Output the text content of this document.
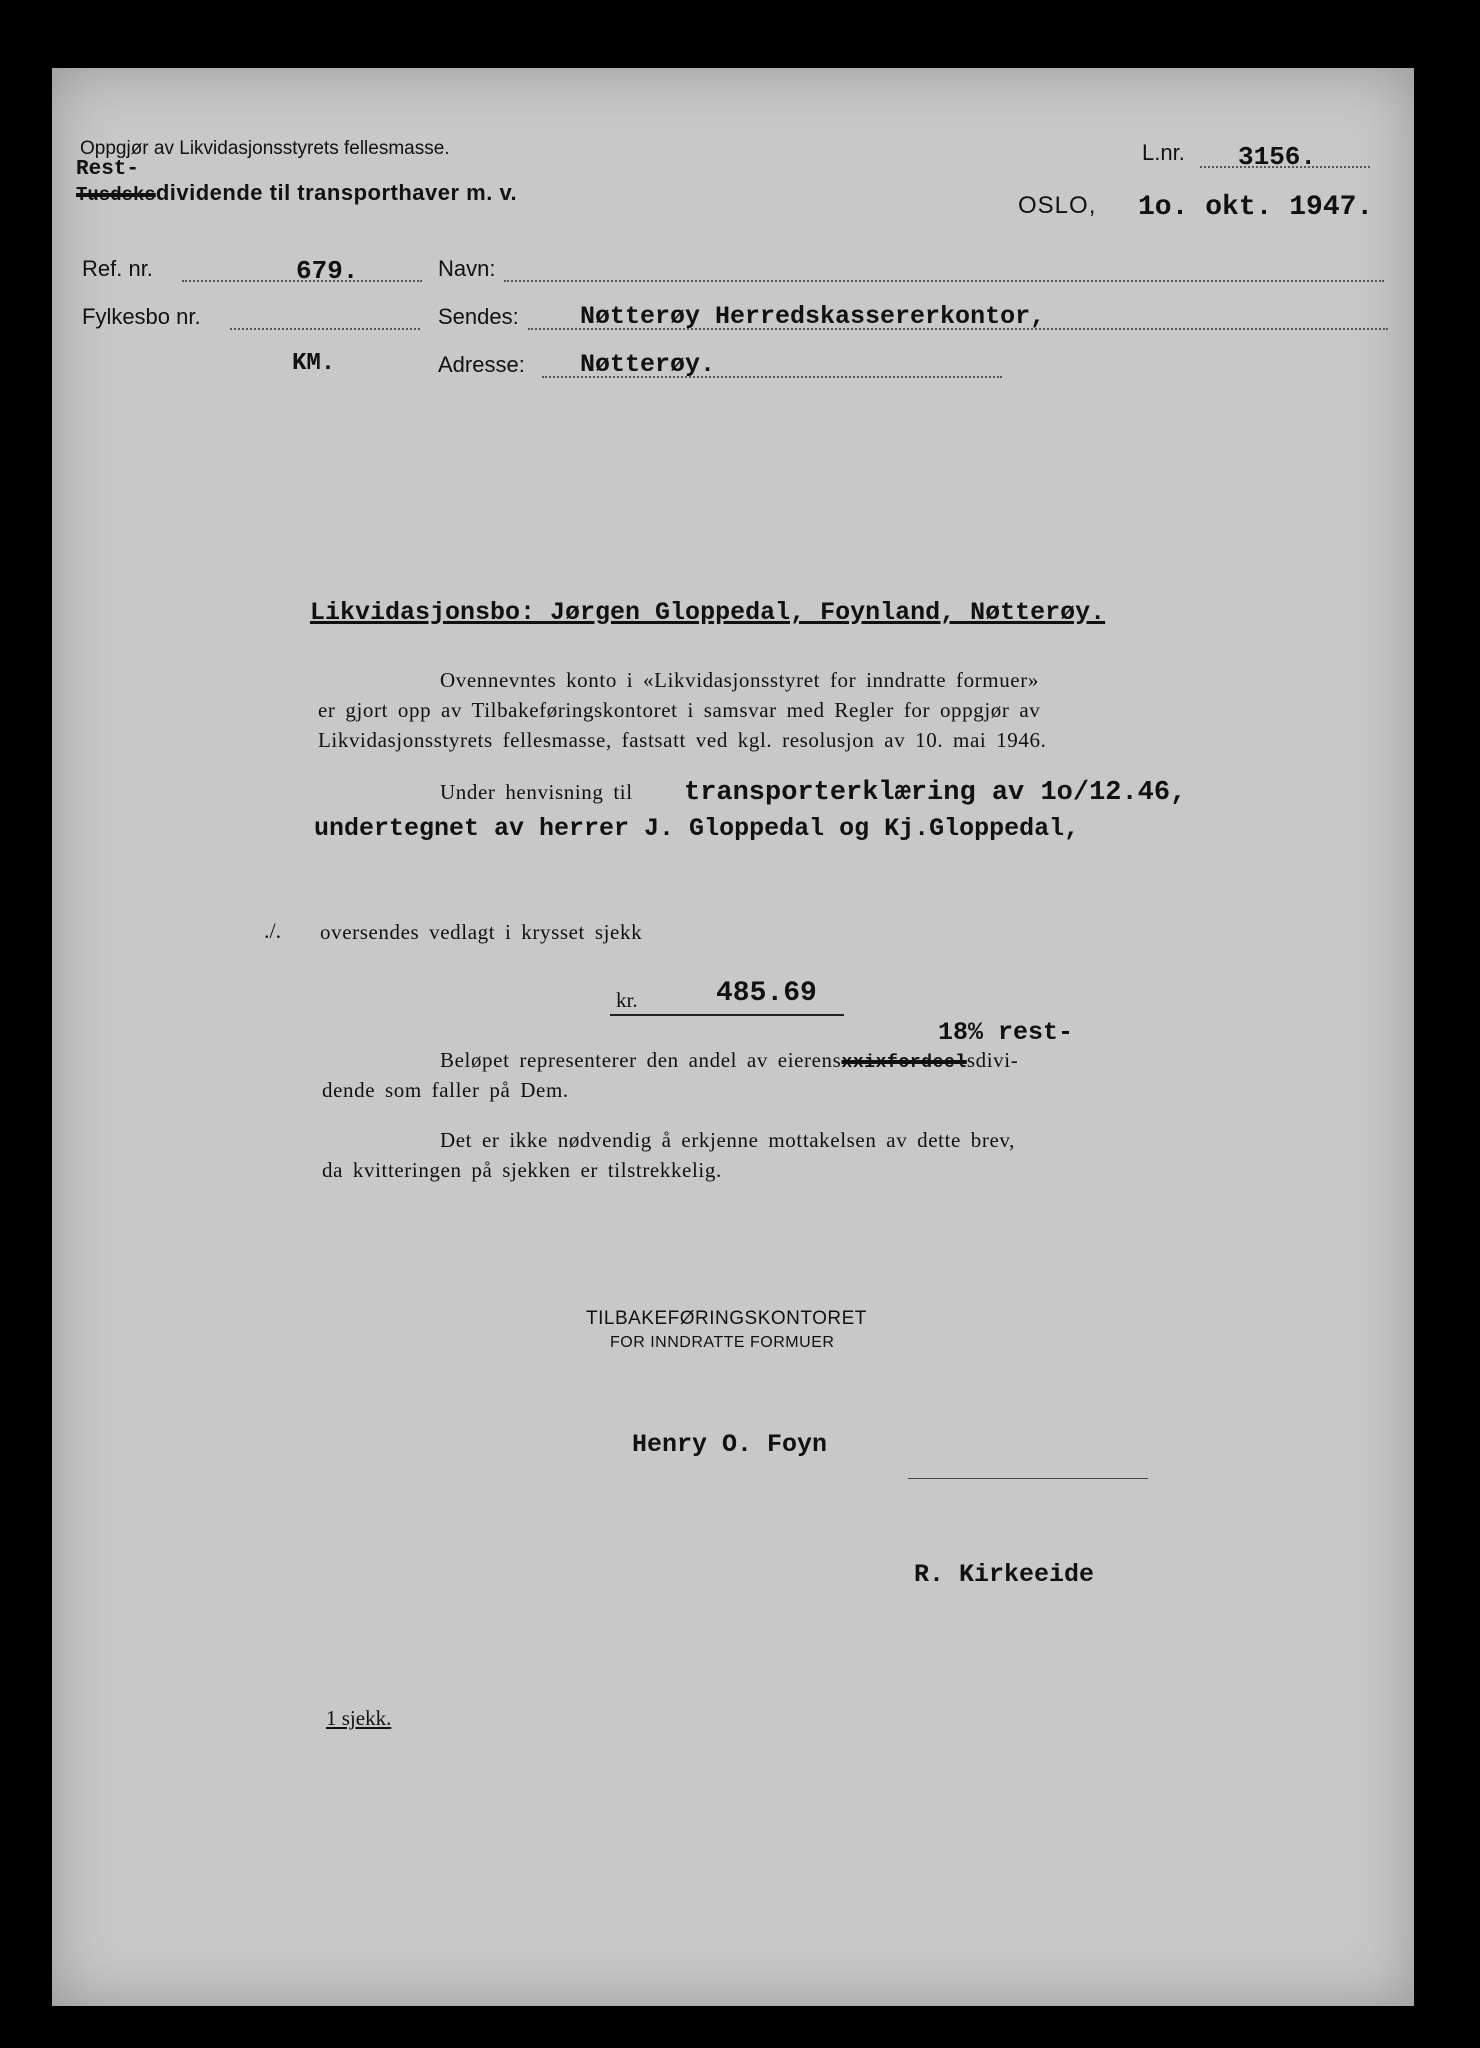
Oppgjør av Likvidasjonsstyrets fellesmasse.
Rest-
Tusdsksdividende til transporthaver m. v.
L.nr. 3156.
OSLO, 1o. okt. 1947.
Ref. nr.	679.
Fylkesbo nr.
KM.
Navn:
Sendes: Nøtterøy Herredskassererkontor,
Adresse: Nøtterøy.
Likvidasjonsbo: Jørgen Gloppedal, Foynland, Nøtterøy.
Ovennevntes konto i «Likvidasjonsstyret for inndratte formuer»
er gjort opp av Tilbakeføringskontoret i samsvar med Regler for oppgjør av
Likvidasjonsstyrets fellesmasse, fastsatt ved kgl. resolusjon av 10. mai 1946.
Under henvisning til transporterklæring av 1o/12.46,
undertegnet av herrer J. Gloppedal og Kj.Gloppedal,
./. oversendes vedlagt i krysset sjekk
kr.	485.69
18% rest-
Beløpet representerer den andel av eierensxxixfordeelsdivi-
dende som faller på Dem.
Det er ikke nødvendig å erkjenne mottakelsen av dette brev,
da kvitteringen på sjekken er tilstrekkelig.
TILBAKEFØRINGSKONTORET
FOR INNDRATTE FORMUER
Henry O. Foyn
R. Kirkeeide
1 sjekk.
